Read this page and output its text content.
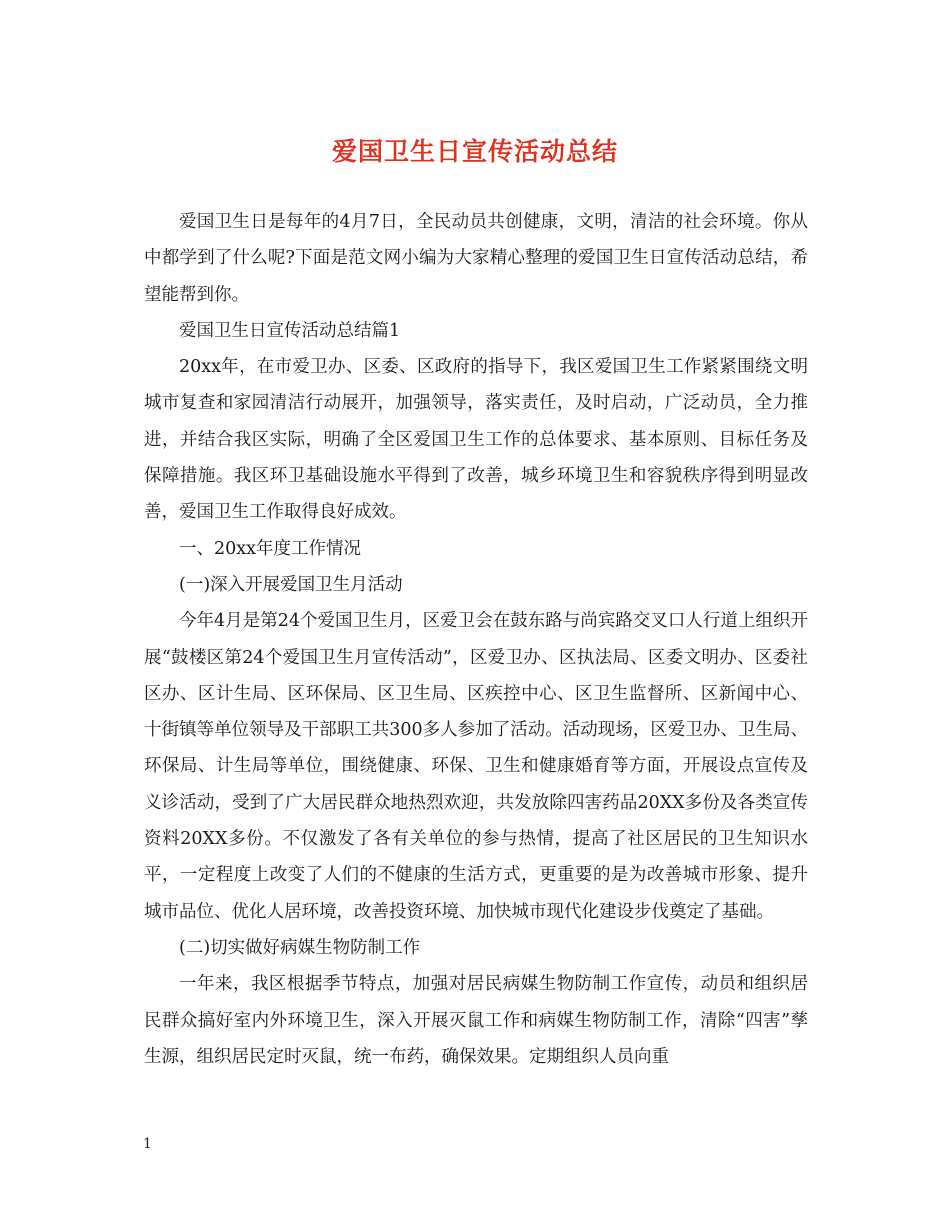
爱国卫生日宣传活动总结

爱国卫生日是每年的4月7日，全民动员共创健康，文明，清洁的社会环境。你从中都学到了什么呢?下面是范文网小编为大家精心整理的爱国卫生日宣传活动总结，希望能帮到你。

爱国卫生日宣传活动总结篇1

20xx年，在市爱卫办、区委、区政府的指导下，我区爱国卫生工作紧紧围绕文明城市复查和家园清洁行动展开，加强领导，落实责任，及时启动，广泛动员，全力推进，并结合我区实际，明确了全区爱国卫生工作的总体要求、基本原则、目标任务及保障措施。我区环卫基础设施水平得到了改善，城乡环境卫生和容貌秩序得到明显改善，爱国卫生工作取得良好成效。

一、20xx年度工作情况

(一)深入开展爱国卫生月活动

今年4月是第24个爱国卫生月，区爱卫会在鼓东路与尚宾路交叉口人行道上组织开展“鼓楼区第24个爱国卫生月宣传活动”，区爱卫办、区执法局、区委文明办、区委社区办、区计生局、区环保局、区卫生局、区疾控中心、区卫生监督所、区新闻中心、十街镇等单位领导及干部职工共300多人参加了活动。活动现场，区爱卫办、卫生局、环保局、计生局等单位，围绕健康、环保、卫生和健康婚育等方面，开展设点宣传及义诊活动，受到了广大居民群众地热烈欢迎，共发放除四害药品20XX多份及各类宣传资料20XX多份。不仅激发了各有关单位的参与热情，提高了社区居民的卫生知识水平，一定程度上改变了人们的不健康的生活方式，更重要的是为改善城市形象、提升城市品位、优化人居环境，改善投资环境、加快城市现代化建设步伐奠定了基础。

(二)切实做好病媒生物防制工作

一年来，我区根据季节特点，加强对居民病媒生物防制工作宣传，动员和组织居民群众搞好室内外环境卫生，深入开展灭鼠工作和病媒生物防制工作，清除“四害”孳生源，组织居民定时灭鼠，统一布药，确保效果。定期组织人员向重

1
